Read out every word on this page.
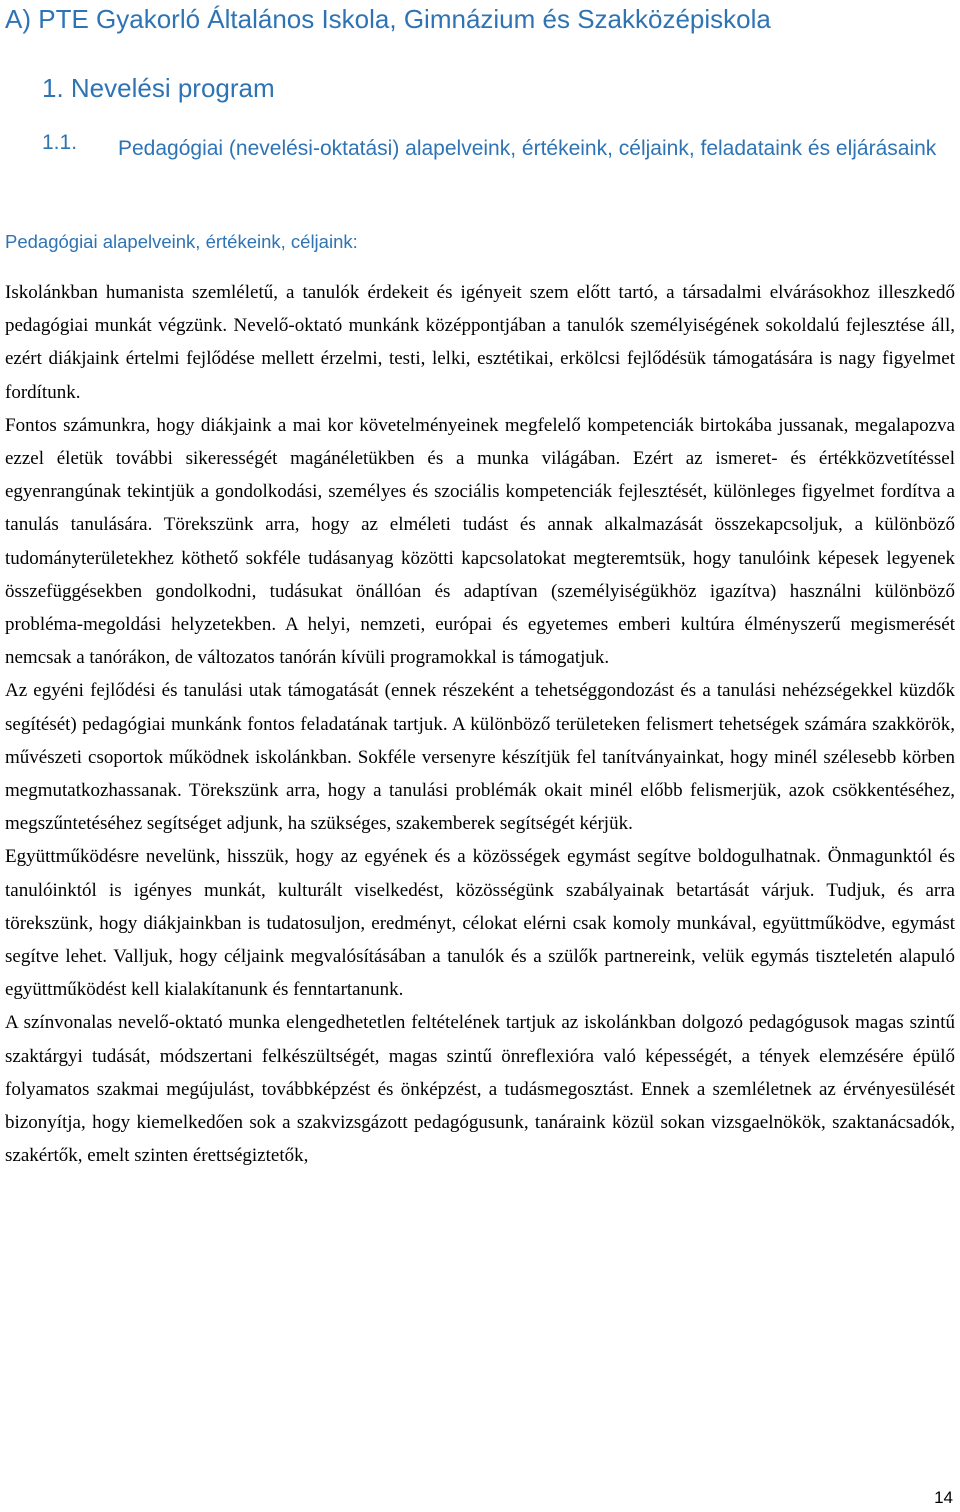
A) PTE Gyakorló Általános Iskola, Gimnázium és Szakközépiskola
1. Nevelési program
1.1. Pedagógiai (nevelési-oktatási) alapelveink, értékeink, céljaink, feladataink és eljárásaink
Pedagógiai alapelveink, értékeink, céljaink:

Iskolánkban humanista szemléletű, a tanulók érdekeit és igényeit szem előtt tartó, a társadalmi elvárásokhoz illeszkedő pedagógiai munkát végzünk. Nevelő-oktató munkánk középpontjában a tanulók személyiségének sokoldalú fejlesztése áll, ezért diákjaink értelmi fejlődése mellett érzelmi, testi, lelki, esztétikai, erkölcsi fejlődésük támogatására is nagy figyelmet fordítunk.

Fontos számunkra, hogy diákjaink a mai kor követelményeinek megfelelő kompetenciák birtokába jussanak, megalapozva ezzel életük további sikerességét magánéletükben és a munka világában. Ezért az ismeret- és értékközvetítéssel egyenrangúnak tekintjük a gondolkodási, személyes és szociális kompetenciák fejlesztését, különleges figyelmet fordítva a tanulás tanulására. Törekszünk arra, hogy az elméleti tudást és annak alkalmazását összekapcsoljuk, a különböző tudományterületekhez köthető sokféle tudásanyag közötti kapcsolatokat megteremtsük, hogy tanulóink képesek legyenek összefüggésekben gondolkodni, tudásukat önállóan és adaptívan (személyiségükhöz igazítva) használni különböző probléma-megoldási helyzetekben. A helyi, nemzeti, európai és egyetemes emberi kultúra élményszerű megismerését nemcsak a tanórákon, de változatos tanórán kívüli programokkal is támogatjuk.

Az egyéni fejlődési és tanulási utak támogatását (ennek részeként a tehetséggondozást és a tanulási nehézségekkel küzdők segítését) pedagógiai munkánk fontos feladatának tartjuk. A különböző területeken felismert tehetségek számára szakkörök, művészeti csoportok működnek iskolánkban. Sokféle versenyre készítjük fel tanítványainkat, hogy minél szélesebb körben megmutatkozhassanak. Törekszünk arra, hogy a tanulási problémák okait minél előbb felismerjük, azok csökkentéséhez, megszűntetéséhez segítséget adjunk, ha szükséges, szakemberek segítségét kérjük.

Együttműködésre nevelünk, hisszük, hogy az egyének és a közösségek egymást segítve boldogulhatnak. Önmagunktól és tanulóinktól is igényes munkát, kulturált viselkedést, közösségünk szabályainak betartását várjuk. Tudjuk, és arra törekszünk, hogy diákjainkban is tudatosuljon, eredményt, célokat elérni csak komoly munkával, együttműködve, egymást segítve lehet. Valljuk, hogy céljaink megvalósításában a tanulók és a szülők partnereink, velük egymás tiszteletén alapuló együttműködést kell kialakítanunk és fenntartanunk.

A színvonalas nevelő-oktató munka elengedhetetlen feltételének tartjuk az iskolánkban dolgozó pedagógusok magas szintű szaktárgyi tudását, módszertani felkészültségét, magas szintű önreflexióra való képességét, a tények elemzésére épülő folyamatos szakmai megújulást, továbbképzést és önképzést, a tudásmegosztást. Ennek a szemléletnek az érvényesülését bizonyítja, hogy kiemelkedően sok a szakvizsgázott pedagógusunk, tanáraink közül sokan vizsgaelnökök, szaktanácsadók, szakértők, emelt szinten érettségiztetők,

14
